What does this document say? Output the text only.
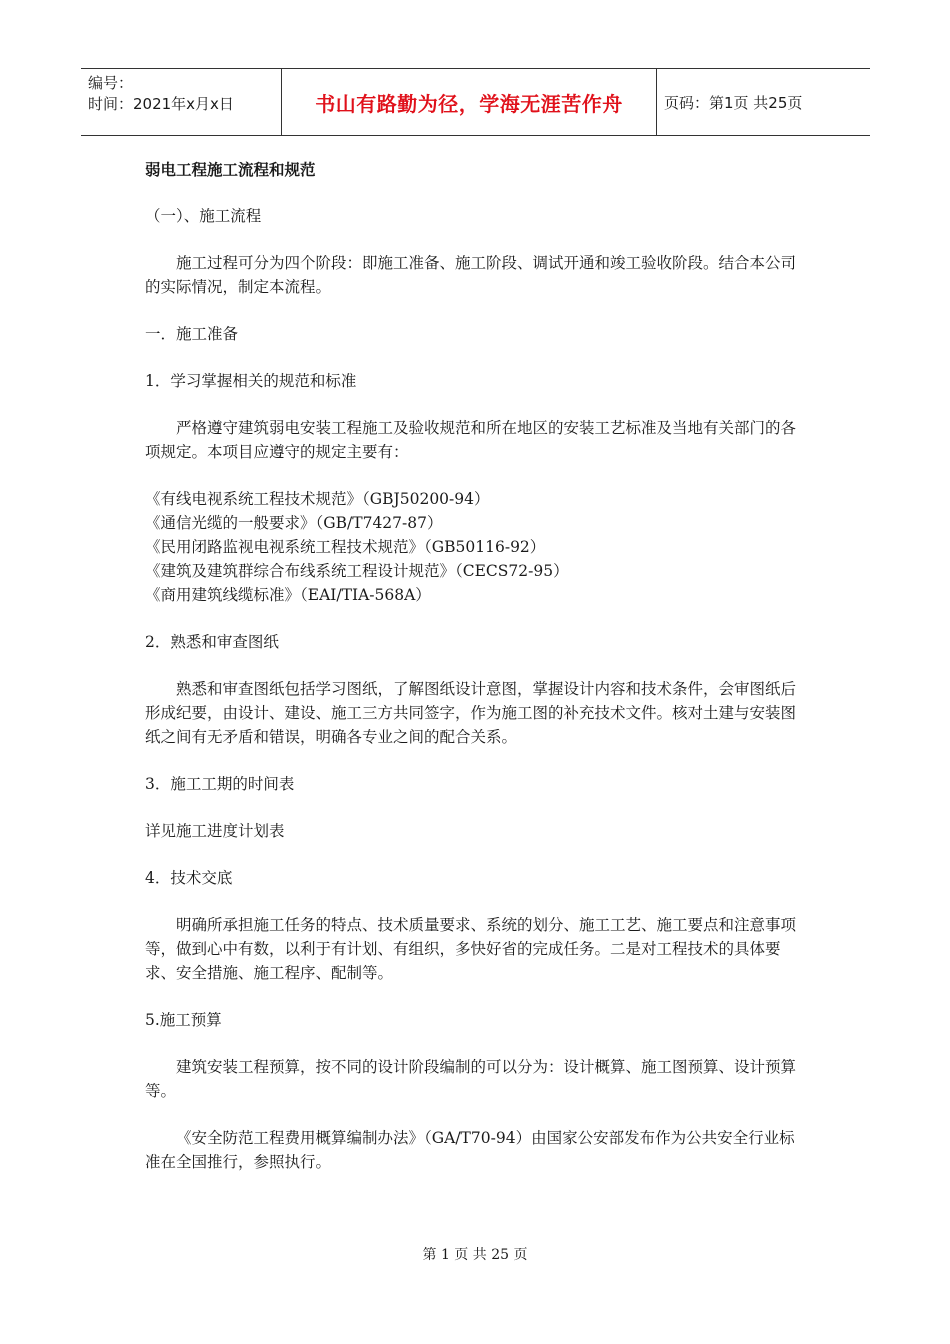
编号：
时间：2021年x月x日	书山有路勤为径，学海无涯苦作舟	页码：第1页 共25页

弱电工程施工流程和规范

（一）、施工流程

施工过程可分为四个阶段：即施工准备、施工阶段、调试开通和竣工验收阶段。结合本公司的实际情况，制定本流程。

一．施工准备

1．学习掌握相关的规范和标准

严格遵守建筑弱电安装工程施工及验收规范和所在地区的安装工艺标准及当地有关部门的各项规定。本项目应遵守的规定主要有：

《有线电视系统工程技术规范》（GBJ50200-94）

《通信光缆的一般要求》（GB/T7427-87）

《民用闭路监视电视系统工程技术规范》（GB50116-92）

《建筑及建筑群综合布线系统工程设计规范》（CECS72-95）

《商用建筑线缆标准》（EAI/TIA-568A）

2．熟悉和审查图纸

熟悉和审查图纸包括学习图纸，了解图纸设计意图，掌握设计内容和技术条件，会审图纸后形成纪要，由设计、建设、施工三方共同签字，作为施工图的补充技术文件。核对土建与安装图纸之间有无矛盾和错误，明确各专业之间的配合关系。

3．施工工期的时间表

详见施工进度计划表

4．技术交底

明确所承担施工任务的特点、技术质量要求、系统的划分、施工工艺、施工要点和注意事项等，做到心中有数，以利于有计划、有组织，多快好省的完成任务。二是对工程技术的具体要求、安全措施、施工程序、配制等。

5.施工预算

建筑安装工程预算，按不同的设计阶段编制的可以分为：设计概算、施工图预算、设计预算等。

《安全防范工程费用概算编制办法》（GA/T70-94）由国家公安部发布作为公共安全行业标准在全国推行，参照执行。

第 1 页 共 25 页
